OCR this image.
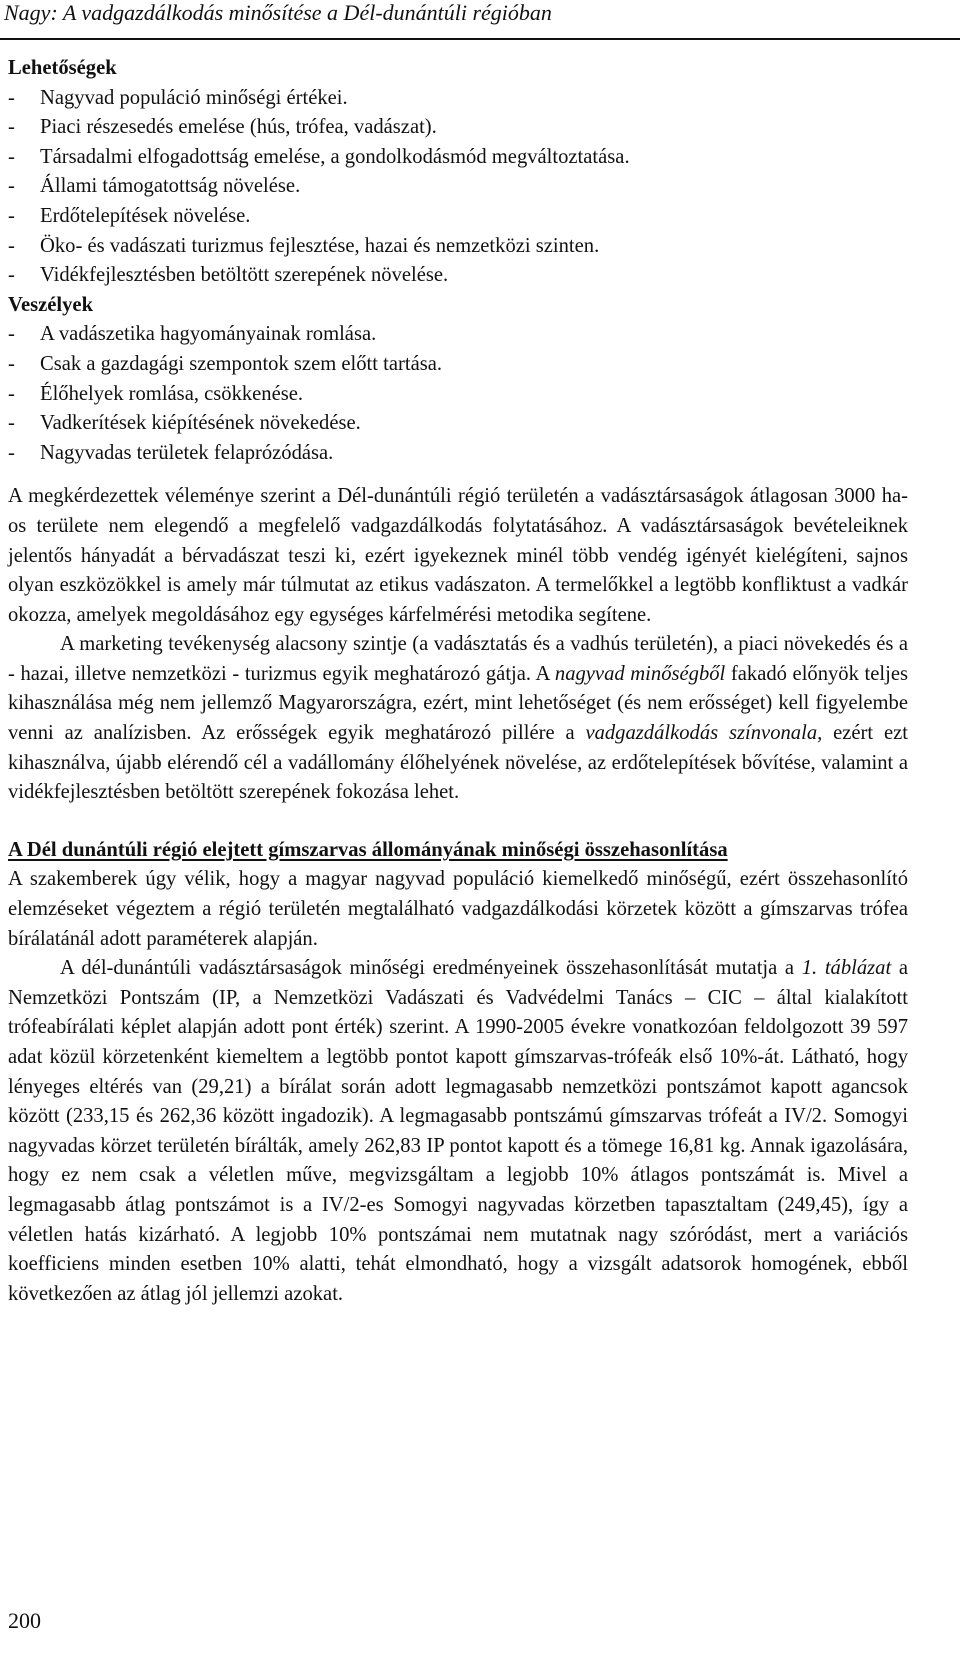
Nagy: A vadgazdálkodás minősítése a Dél-dunántúli régióban
Lehetőségek
- Nagyvad populáció minőségi értékei.
- Piaci részesedés emelése (hús, trófea, vadászat).
- Társadalmi elfogadottság emelése, a gondolkodásmód megváltoztatása.
- Állami támogatottság növelése.
- Erdőtelepítések növelése.
- Öko- és vadászati turizmus fejlesztése, hazai és nemzetközi szinten.
- Vidékfejlesztésben betöltött szerepének növelése.
Veszélyek
- A vadászetika hagyományainak romlása.
- Csak a gazdagági szempontok szem előtt tartása.
- Élőhelyek romlása, csökkenése.
- Vadkerítések kiépítésének növekedése.
- Nagyvadas területek felaprózódása.
A megkérdezettek véleménye szerint a Dél-dunántúli régió területén a vadásztársaságok átlagosan 3000 ha-os területe nem elegendő a megfelelő vadgazdálkodás folytatásához. A vadásztársaságok bevételeiknek jelentős hányadát a bérvadászat teszi ki, ezért igyekeznek minél több vendég igényét kielégíteni, sajnos olyan eszközökkel is amely már túlmutat az etikus vadászaton. A termelőkkel a legtöbb konfliktust a vadkár okozza, amelyek megoldásához egy egységes kárfelmérési metodika segítene.
A marketing tevékenység alacsony szintje (a vadásztatás és a vadhús területén), a piaci növekedés és a - hazai, illetve nemzetközi - turizmus egyik meghatározó gátja. A nagyvad minőségből fakadó előnyök teljes kihasználása még nem jellemző Magyarországra, ezért, mint lehetőséget (és nem erősséget) kell figyelembe venni az analízisben. Az erősségek egyik meghatározó pillére a vadgazdálkodás színvonala, ezért ezt kihasználva, újabb elérendő cél a vadállomány élőhelyének növelése, az erdőtelepítések bővítése, valamint a vidékfejlesztésben betöltött szerepének fokozása lehet.
A Dél dunántúli régió elejtett gímszarvas állományának minőségi összehasonlítása
A szakemberek úgy vélik, hogy a magyar nagyvad populáció kiemelkedő minőségű, ezért összehasonlító elemzéseket végeztem a régió területén megtalálható vadgazdálkodási körzetek között a gímszarvas trófea bírálatánál adott paraméterek alapján.
A dél-dunántúli vadásztársaságok minőségi eredményeinek összehasonlítását mutatja a 1. táblázat a Nemzetközi Pontszám (IP, a Nemzetközi Vadászati és Vadvédelmi Tanács – CIC – által kialakított trófeabírálati képlet alapján adott pont érték) szerint. A 1990-2005 évekre vonatkozóan feldolgozott 39 597 adat közül körzetenként kiemeltem a legtöbb pontot kapott gímszarvas-trófeák első 10%-át. Látható, hogy lényeges eltérés van (29,21) a bírálat során adott legmagasabb nemzetközi pontszámot kapott agancsok között (233,15 és 262,36 között ingadozik). A legmagasabb pontszámú gímszarvas trófeát a IV/2. Somogyi nagyvadas körzet területén bírálták, amely 262,83 IP pontot kapott és a tömege 16,81 kg. Annak igazolására, hogy ez nem csak a véletlen műve, megvizsgáltam a legjobb 10% átlagos pontszámát is. Mivel a legmagasabb átlag pontszámot is a IV/2-es Somogyi nagyvadas körzetben tapasztaltam (249,45), így a véletlen hatás kizárható. A legjobb 10% pontszámai nem mutatnak nagy szóródást, mert a variációs koefficiens minden esetben 10% alatti, tehát elmondható, hogy a vizsgált adatsorok homogének, ebből következően az átlag jól jellemzi azokat.
200
